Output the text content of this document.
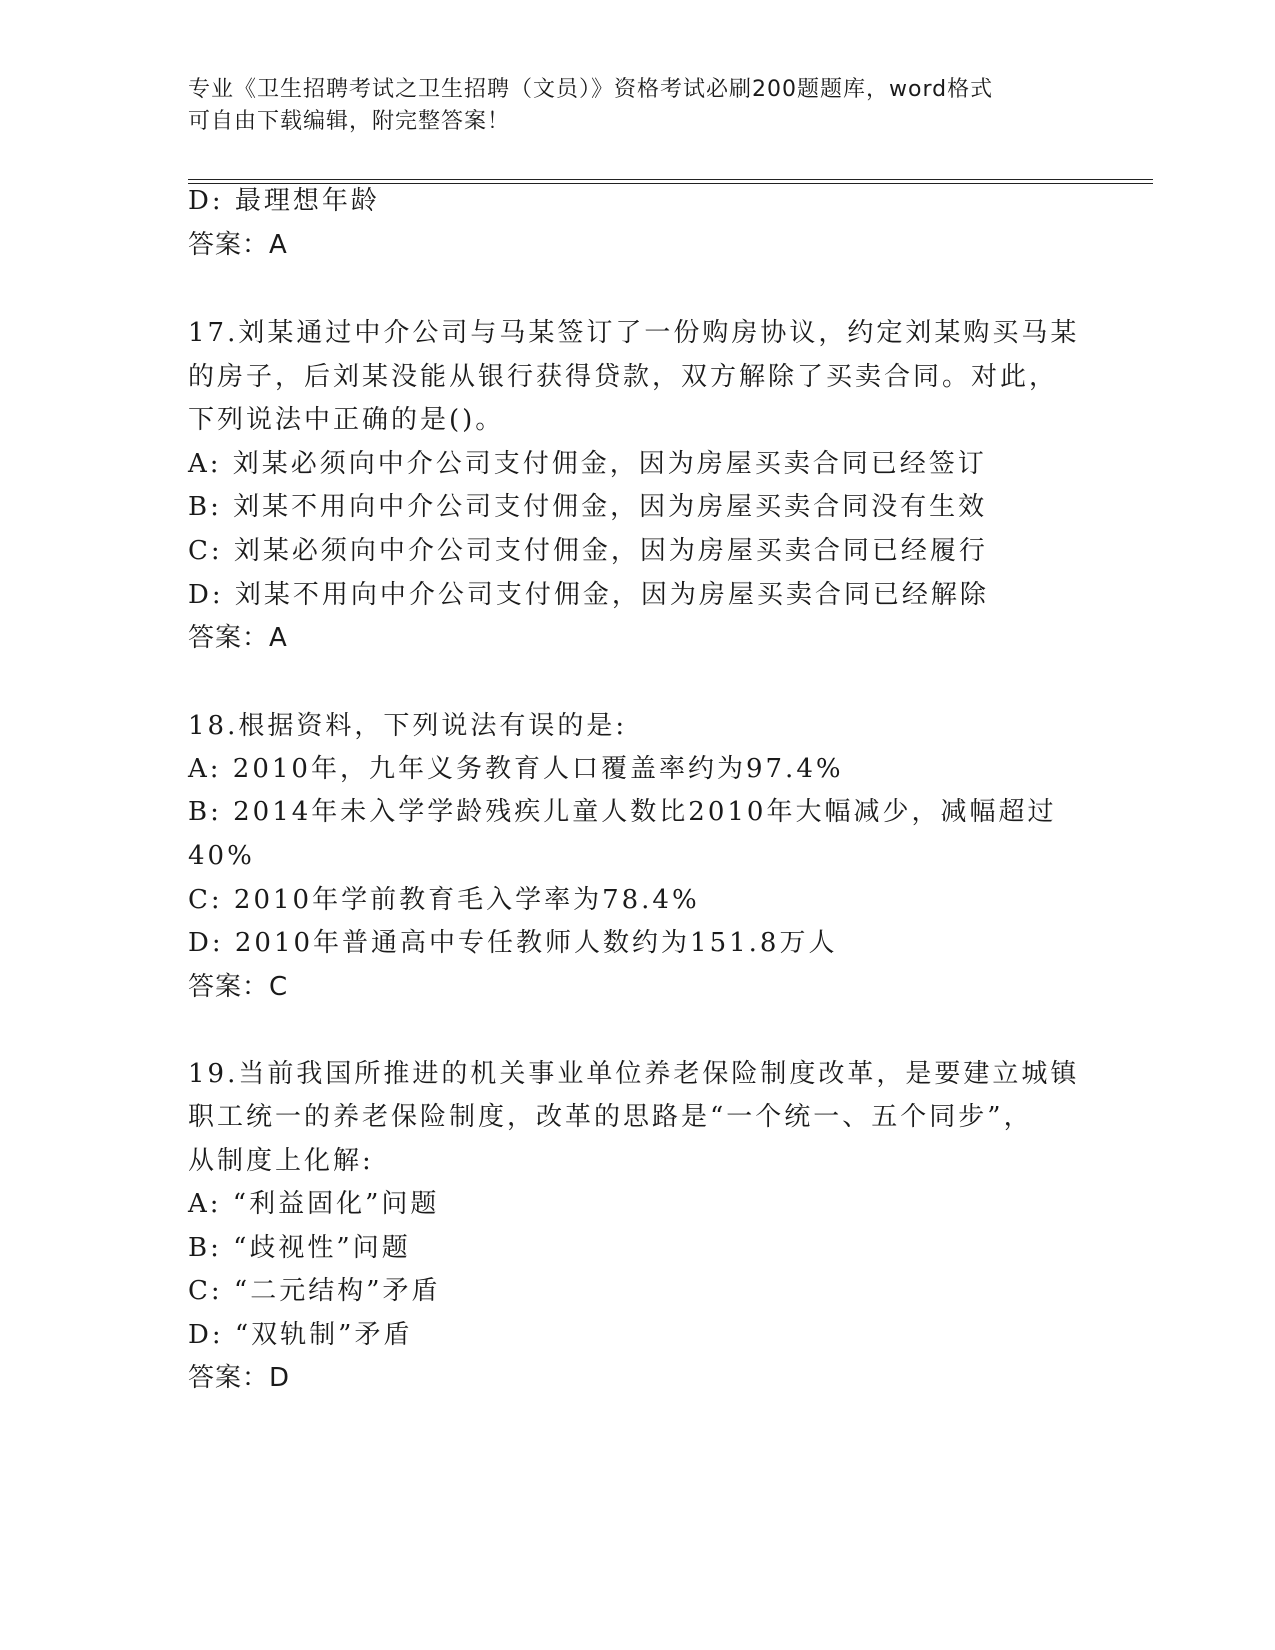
专业《卫生招聘考试之卫生招聘（文员）》资格考试必刷200题题库，word格式
可自由下载编辑，附完整答案！
D: 最理想年龄
答案：A
17.刘某通过中介公司与马某签订了一份购房协议，约定刘某购买马某
的房子，后刘某没能从银行获得贷款，双方解除了买卖合同。对此，
下列说法中正确的是()。
A: 刘某必须向中介公司支付佣金，因为房屋买卖合同已经签订
B: 刘某不用向中介公司支付佣金，因为房屋买卖合同没有生效
C: 刘某必须向中介公司支付佣金，因为房屋买卖合同已经履行
D: 刘某不用向中介公司支付佣金，因为房屋买卖合同已经解除
答案：A
18.根据资料，下列说法有误的是:
A: 2010年，九年义务教育人口覆盖率约为97.4%
B: 2014年未入学学龄残疾儿童人数比2010年大幅减少，减幅超过
40%
C: 2010年学前教育毛入学率为78.4%
D: 2010年普通高中专任教师人数约为151.8万人
答案：C
19.当前我国所推进的机关事业单位养老保险制度改革，是要建立城镇
职工统一的养老保险制度，改革的思路是“一个统一、五个同步”，
从制度上化解:
A: “利益固化”问题
B: “歧视性”问题
C: “二元结构”矛盾
D: “双轨制”矛盾
答案：D
